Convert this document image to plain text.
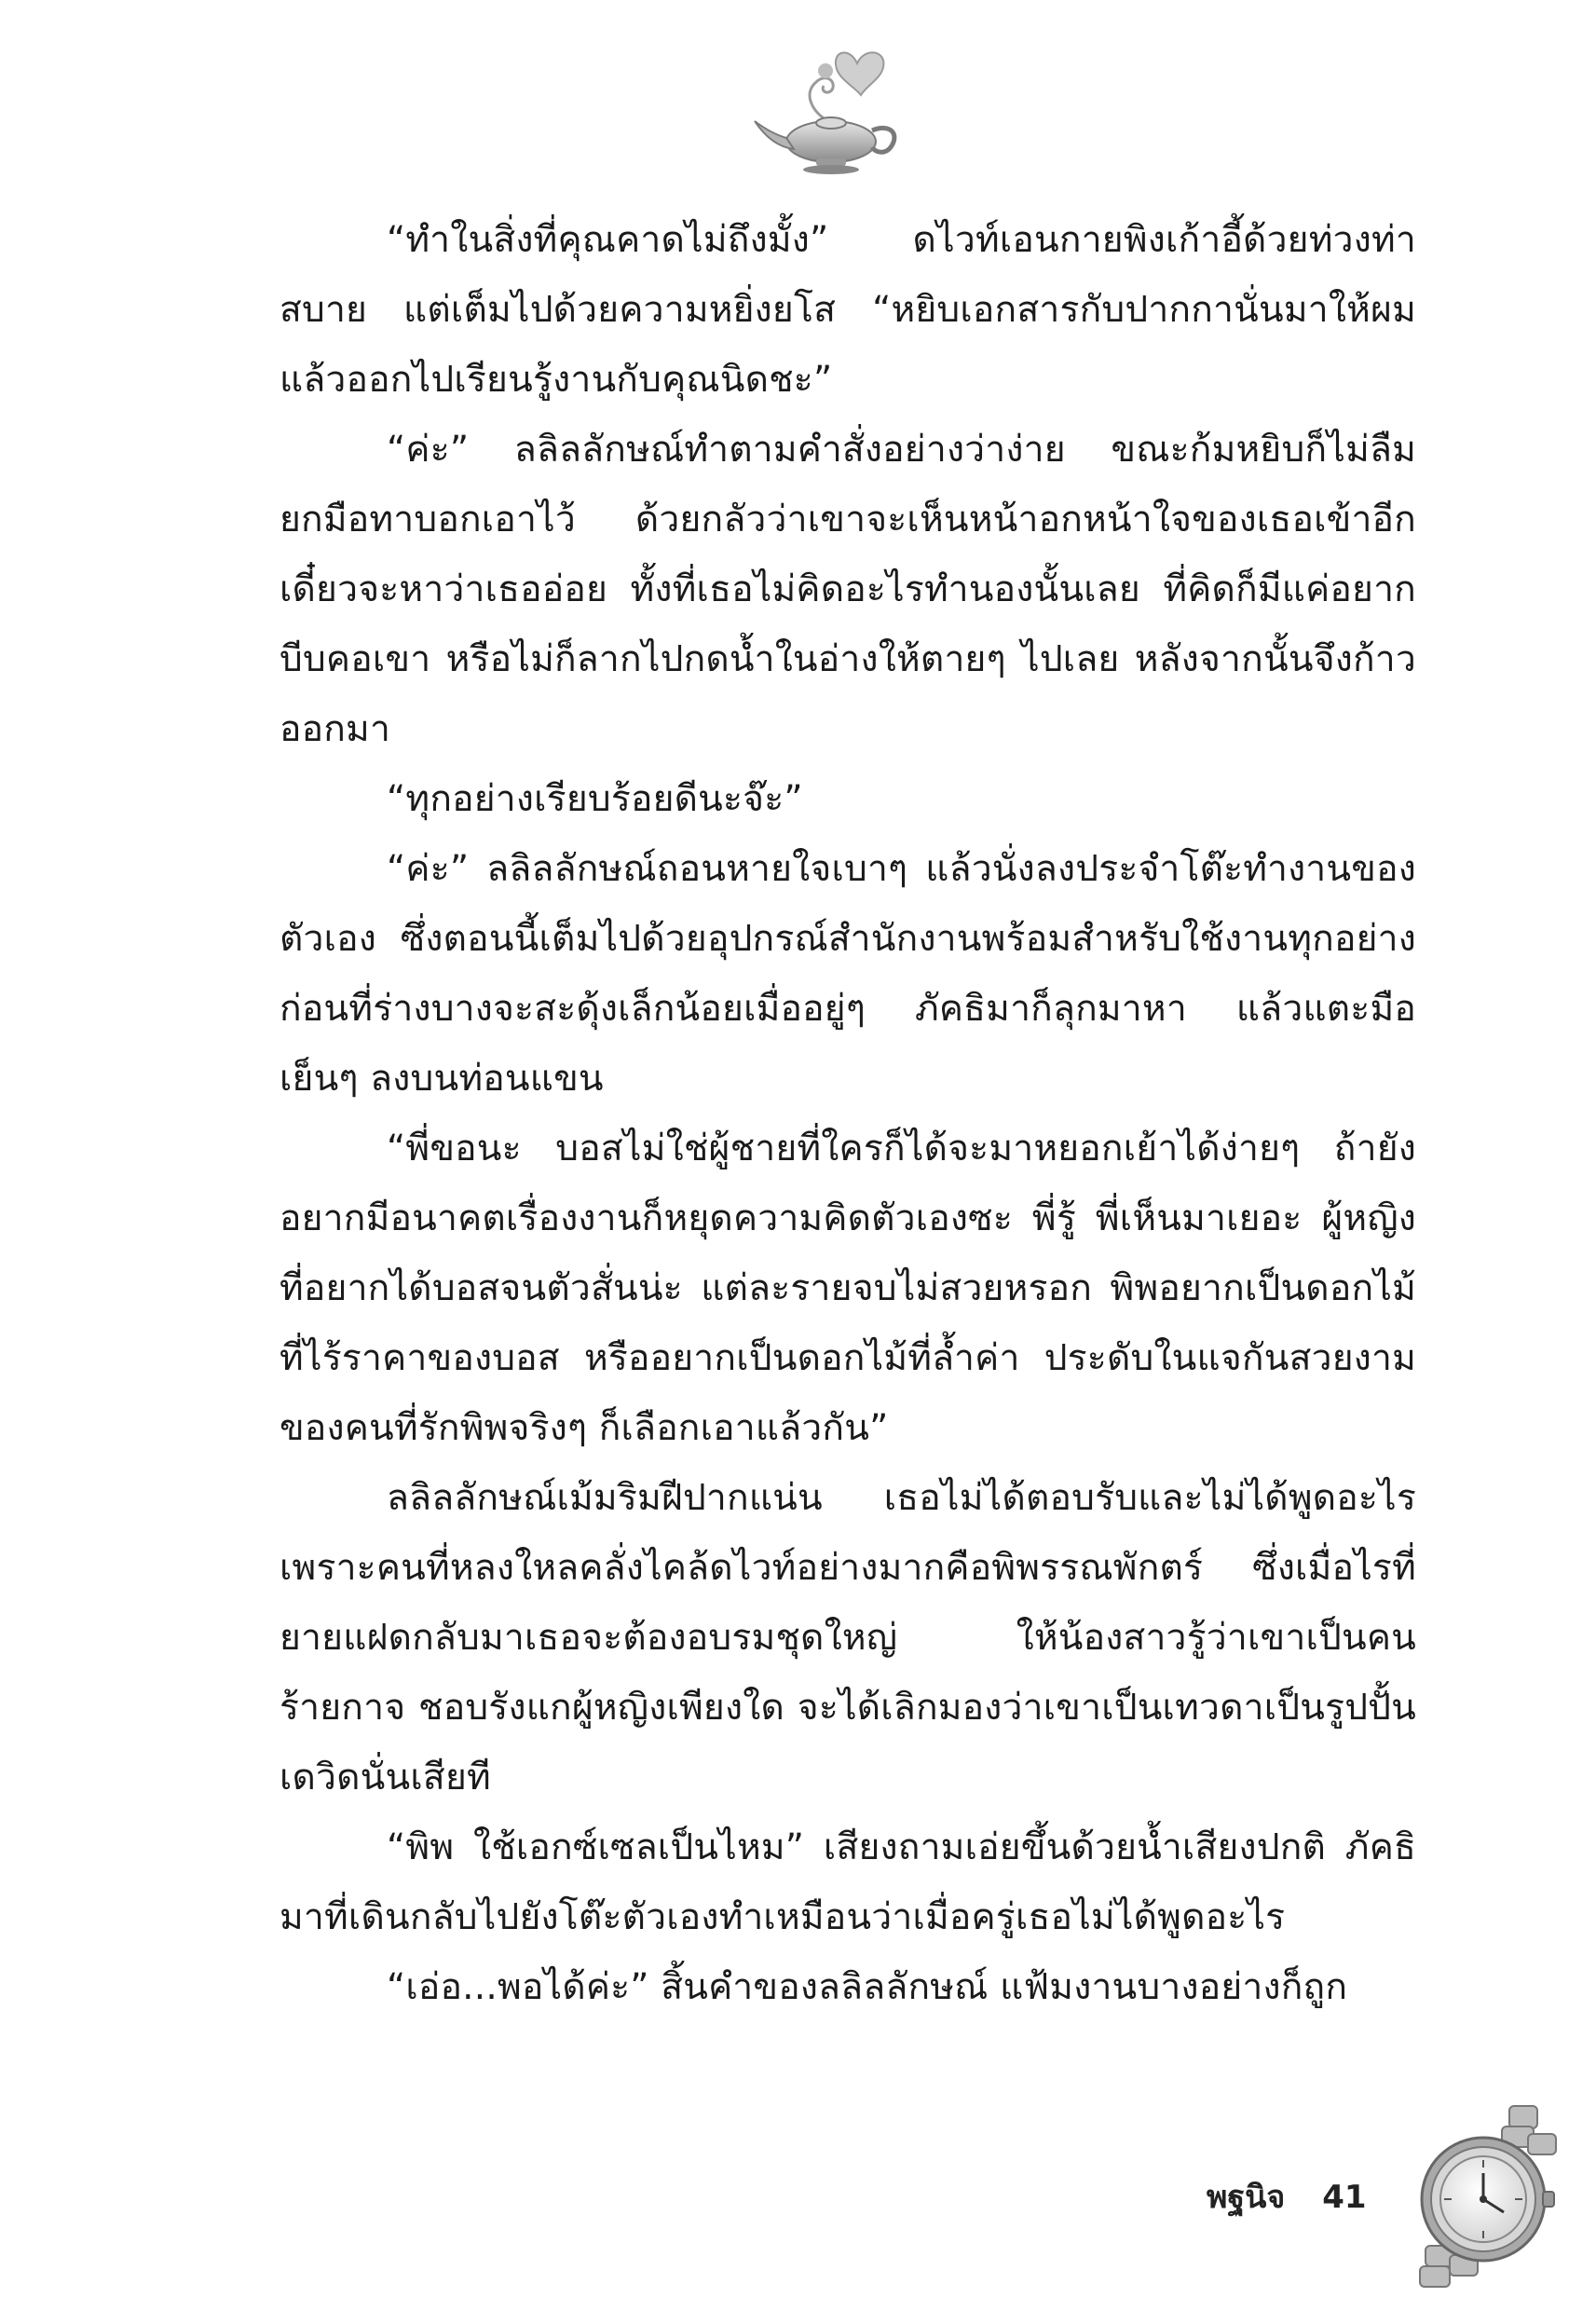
“ทำในสิ่งที่คุณคาดไม่ถึงมั้ง” ดไวท์เอนกายพิงเก้าอี้ด้วยท่วงท่าสบาย แต่เต็มไปด้วยความหยิ่งยโส “หยิบเอกสารกับปากกานั่นมาให้ผมแล้วออกไปเรียนรู้งานกับคุณนิดชะ”

“ค่ะ” ลลิลลักษณ์ทำตามคำสั่งอย่างว่าง่าย ขณะก้มหยิบก็ไม่ลืมยกมือทาบอกเอาไว้ ด้วยกลัวว่าเขาจะเห็นหน้าอกหน้าใจของเธอเข้าอีก เดี๋ยวจะหาว่าเธออ่อย ทั้งที่เธอไม่คิดอะไรทำนองนั้นเลย ที่คิดก็มีแค่อยากบีบคอเขา หรือไม่ก็ลากไปกดน้ำในอ่างให้ตายๆ ไปเลย หลังจากนั้นจึงก้าวออกมา

“ทุกอย่างเรียบร้อยดีนะจ๊ะ”

“ค่ะ” ลลิลลักษณ์ถอนหายใจเบาๆ แล้วนั่งลงประจำโต๊ะทำงานของตัวเอง ซึ่งตอนนี้เต็มไปด้วยอุปกรณ์สำนักงานพร้อมสำหรับใช้งานทุกอย่าง ก่อนที่ร่างบางจะสะดุ้งเล็กน้อยเมื่ออยู่ๆ ภัคธิมาก็ลุกมาหา แล้วแตะมือเย็นๆ ลงบนท่อนแขน

“พี่ขอนะ บอสไม่ใช่ผู้ชายที่ใครก็ได้จะมาหยอกเย้าได้ง่ายๆ ถ้ายังอยากมีอนาคตเรื่องงานก็หยุดความคิดตัวเองซะ พี่รู้ พี่เห็นมาเยอะ ผู้หญิงที่อยากได้บอสจนตัวสั่นน่ะ แต่ละรายจบไม่สวยหรอก พิพอยากเป็นดอกไม้ที่ไร้ราคาของบอส หรืออยากเป็นดอกไม้ที่ล้ำค่า ประดับในแจกันสวยงามของคนที่รักพิพจริงๆ ก็เลือกเอาแล้วกัน”

ลลิลลักษณ์เม้มริมฝีปากแน่น เธอไม่ได้ตอบรับและไม่ได้พูดอะไร เพราะคนที่หลงใหลคลั่งไคล้ดไวท์อย่างมากคือพิพรรณพักตร์ ซึ่งเมื่อไรที่ยายแฝดกลับมาเธอจะต้องอบรมชุดใหญ่ ให้น้องสาวรู้ว่าเขาเป็นคนร้ายกาจ ชอบรังแกผู้หญิงเพียงใด จะได้เลิกมองว่าเขาเป็นเทวดาเป็นรูปปั้นเดวิดนั่นเสียที

“พิพ ใช้เอกซ์เซลเป็นไหม” เสียงถามเอ่ยขึ้นด้วยน้ำเสียงปกติ ภัคธิมาที่เดินกลับไปยังโต๊ะตัวเองทำเหมือนว่าเมื่อครู่เธอไม่ได้พูดอะไร

“เอ่อ...พอได้ค่ะ” สิ้นคำของลลิลลักษณ์ แฟ้มงานบางอย่างก็ถูก

พฐนิจ 41
